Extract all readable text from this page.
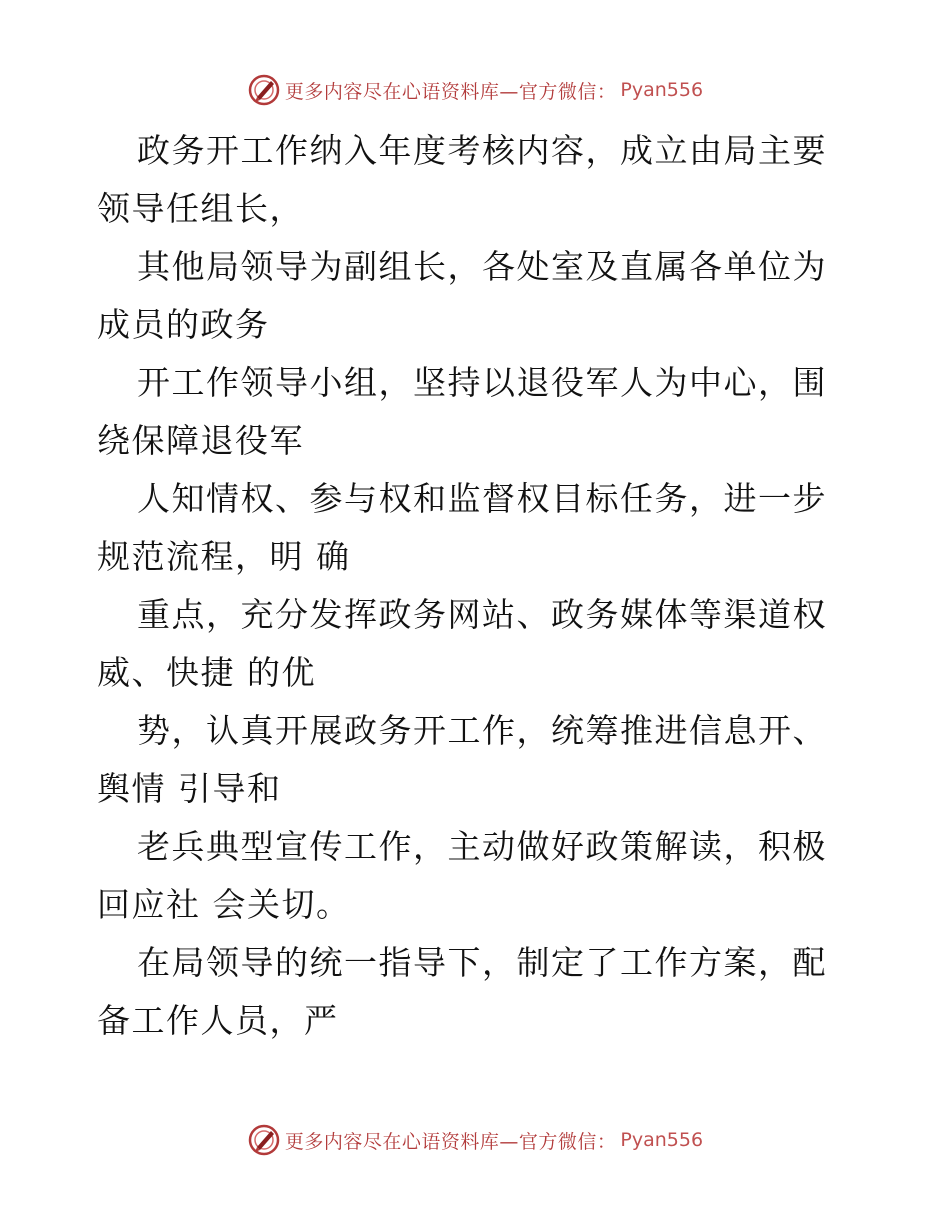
更多内容尽在心语资料库—官方微信： Pyan556

政务开工作纳入年度考核内容，成立由局主要领导任组长，

其他局领导为副组长，各处室及直属各单位为成员的政务

开工作领导小组，坚持以退役军人为中心，围绕保障退役军

人知情权、参与权和监督权目标任务，进一步规范流程，明 确

重点，充分发挥政务网站、政务媒体等渠道权 威、快捷 的优

势，认真开展政务开工作，统筹推进信息开、舆情 引导和

老兵典型宣传工作，主动做好政策解读，积极回应社 会关切。

在局领导的统一指导下，制定了工作方案，配备工作人员，严

更多内容尽在心语资料库—官方微信： Pyan556
